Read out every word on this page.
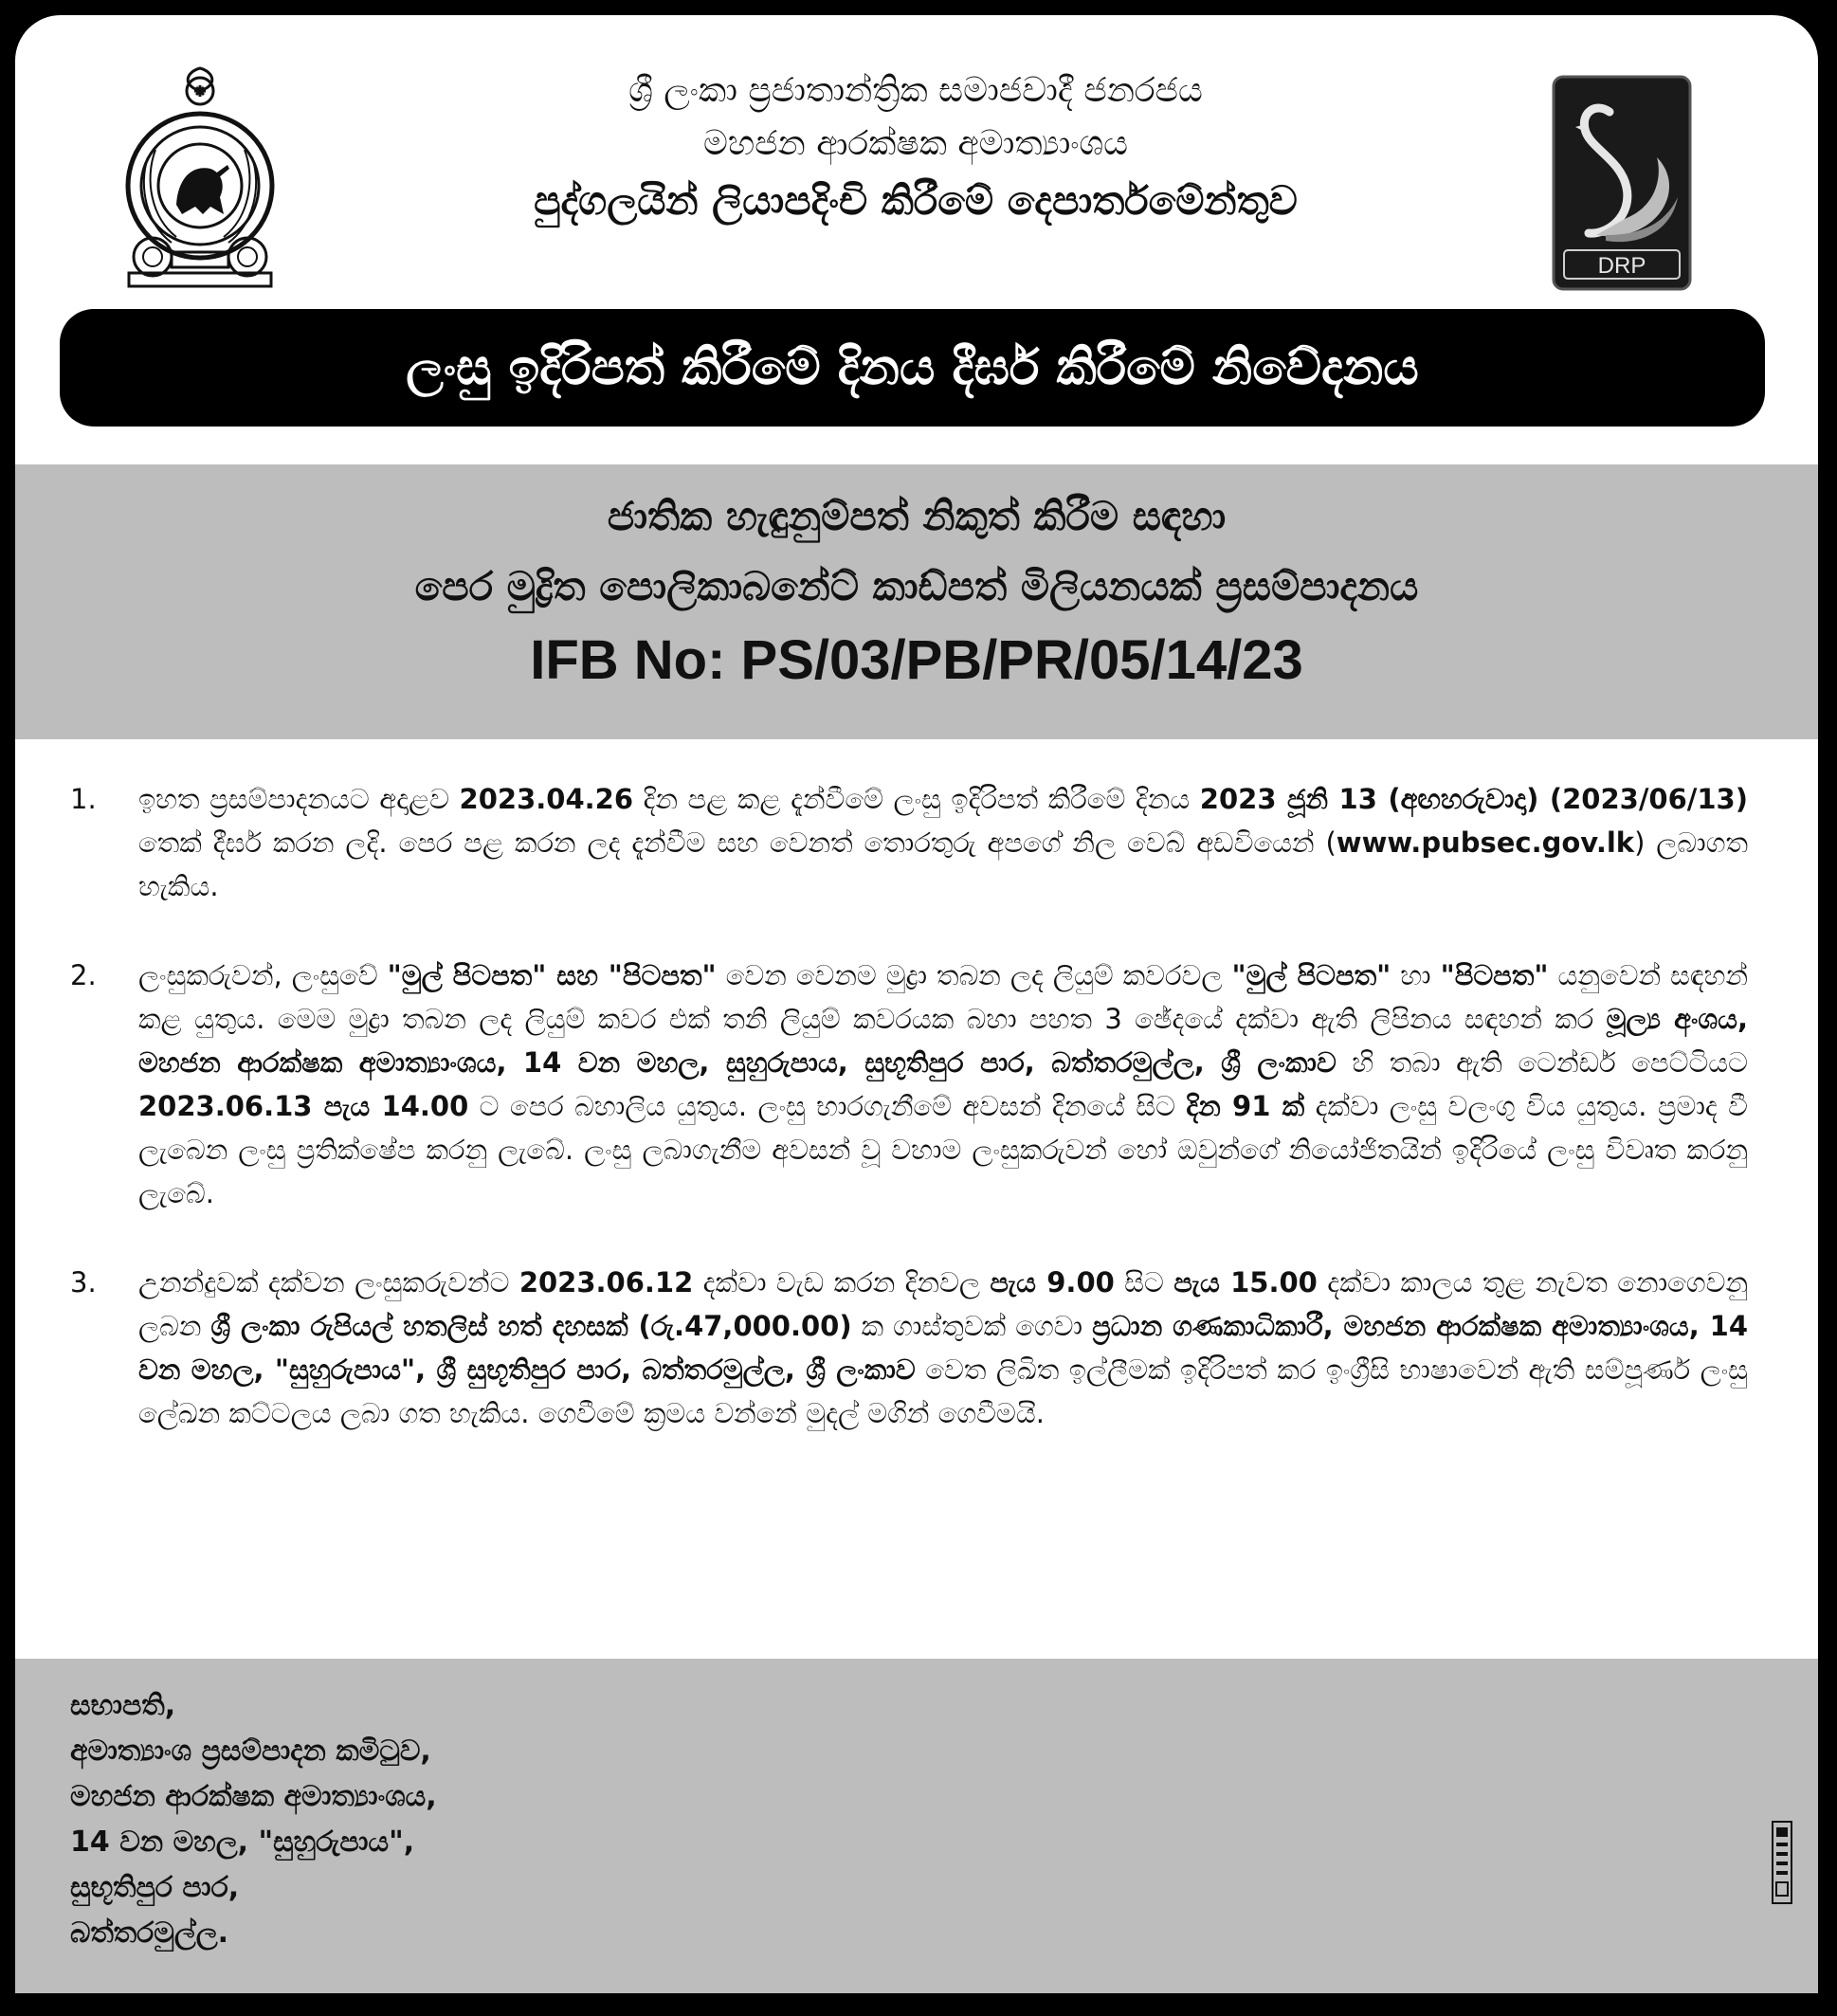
ශ්‍රී ලංකා ප්‍රජාතාන්ත්‍රික සමාජවාදී ජනරජය
මහජන ආරක්ෂක අමාත්‍යාංශය
පුද්ගලයින් ලියාපදිංචි කිරීමේ දෙපාර්තමේන්තුව
DRP
ලංසු ඉදිරිපත් කිරීමේ දිනය දීර්ඝ කිරීමේ නිවේදනය
ජාතික හැඳුනුම්පත් නිකුත් කිරීම සඳහා
පෙර මුද්‍රිත පොලිකාබනේට් කාඩ්පත් මිලියනයක් ප්‍රසම්පාදනය
IFB No: PS/03/PB/PR/05/14/23
1.	ඉහත ප්‍රසම්පාදනයට අදාළව 2023.04.26 දින පළ කළ දැන්වීමේ ලංසු ඉදිරිපත් කිරීමේ දිනය 2023 ජූනි 13 (අඟහරුවාදා) (2023/06/13) තෙක් දීර්ඝ කරන ලදි. පෙර පළ කරන ලද දැන්වීම සහ වෙනත් තොරතුරු අපගේ නිල වෙබ් අඩවියෙන් (www.pubsec.gov.lk) ලබාගත හැකිය.
2.	ලංසුකරුවන්, ලංසුවේ "මුල් පිටපත" සහ "පිටපත" වෙන වෙනම මුද්‍රා තබන ලද ලියුම් කවරවල "මුල් පිටපත" හා "පිටපත" යනුවෙන් සඳහන් කළ යුතුය. මෙම මුද්‍රා තබන ලද ලියුම් කවර එක් තනි ලියුම් කවරයක බහා පහත 3 ඡේදයේ දක්වා ඇති ලිපිනය සඳහන් කර මූල්‍ය අංශය, මහජන ආරක්ෂක අමාත්‍යාංශය, 14 වන මහල, සුහුරුපාය, සුභූතිපුර පාර, බත්තරමුල්ල, ශ්‍රී ලංකාව හි තබා ඇති ටෙන්ඩර් පෙට්ටියට 2023.06.13 පැය 14.00 ට පෙර බහාලිය යුතුය. ලංසු භාරගැනීමේ අවසන් දිනයේ සිට දින 91 ක් දක්වා ලංසු වලංගු විය යුතුය. ප්‍රමාද වී ලැබෙන ලංසු ප්‍රතික්ෂේප කරනු ලැබේ. ලංසු ලබාගැනීම අවසන් වූ වහාම ලංසුකරුවන් හෝ ඔවුන්ගේ නියෝජිතයින් ඉදිරියේ ලංසු විවෘත කරනු ලැබේ.
3.	උනන්දුවක් දක්වන ලංසුකරුවන්ට 2023.06.12 දක්වා වැඩ කරන දිනවල පැය 9.00 සිට පැය 15.00 දක්වා කාලය තුළ නැවත නොගෙවනු ලබන ශ්‍රී ලංකා රුපියල් හතලිස් හත් දහසක් (රු.47,000.00) ක ගාස්තුවක් ගෙවා ප්‍රධාන ගණකාධිකාරී, මහජන ආරක්ෂක අමාත්‍යාංශය, 14 වන මහල, "සුහුරුපාය", ශ්‍රී සුභූතිපුර පාර, බත්තරමුල්ල, ශ්‍රී ලංකාව වෙත ලිඛිත ඉල්ලීමක් ඉදිරිපත් කර ඉංග්‍රීසි භාෂාවෙන් ඇති සම්පූර්ණ ලංසු ලේඛන කට්ටලය ලබා ගත හැකිය. ගෙවීමේ ක්‍රමය වන්නේ මුදල් මගින් ගෙවීමයි.
සභාපති,
අමාත්‍යාංශ ප්‍රසම්පාදන කමිටුව,
මහජන ආරක්ෂක අමාත්‍යාංශය,
14 වන මහල, "සුහුරුපාය",
සුභූතිපුර පාර,
බත්තරමුල්ල.
